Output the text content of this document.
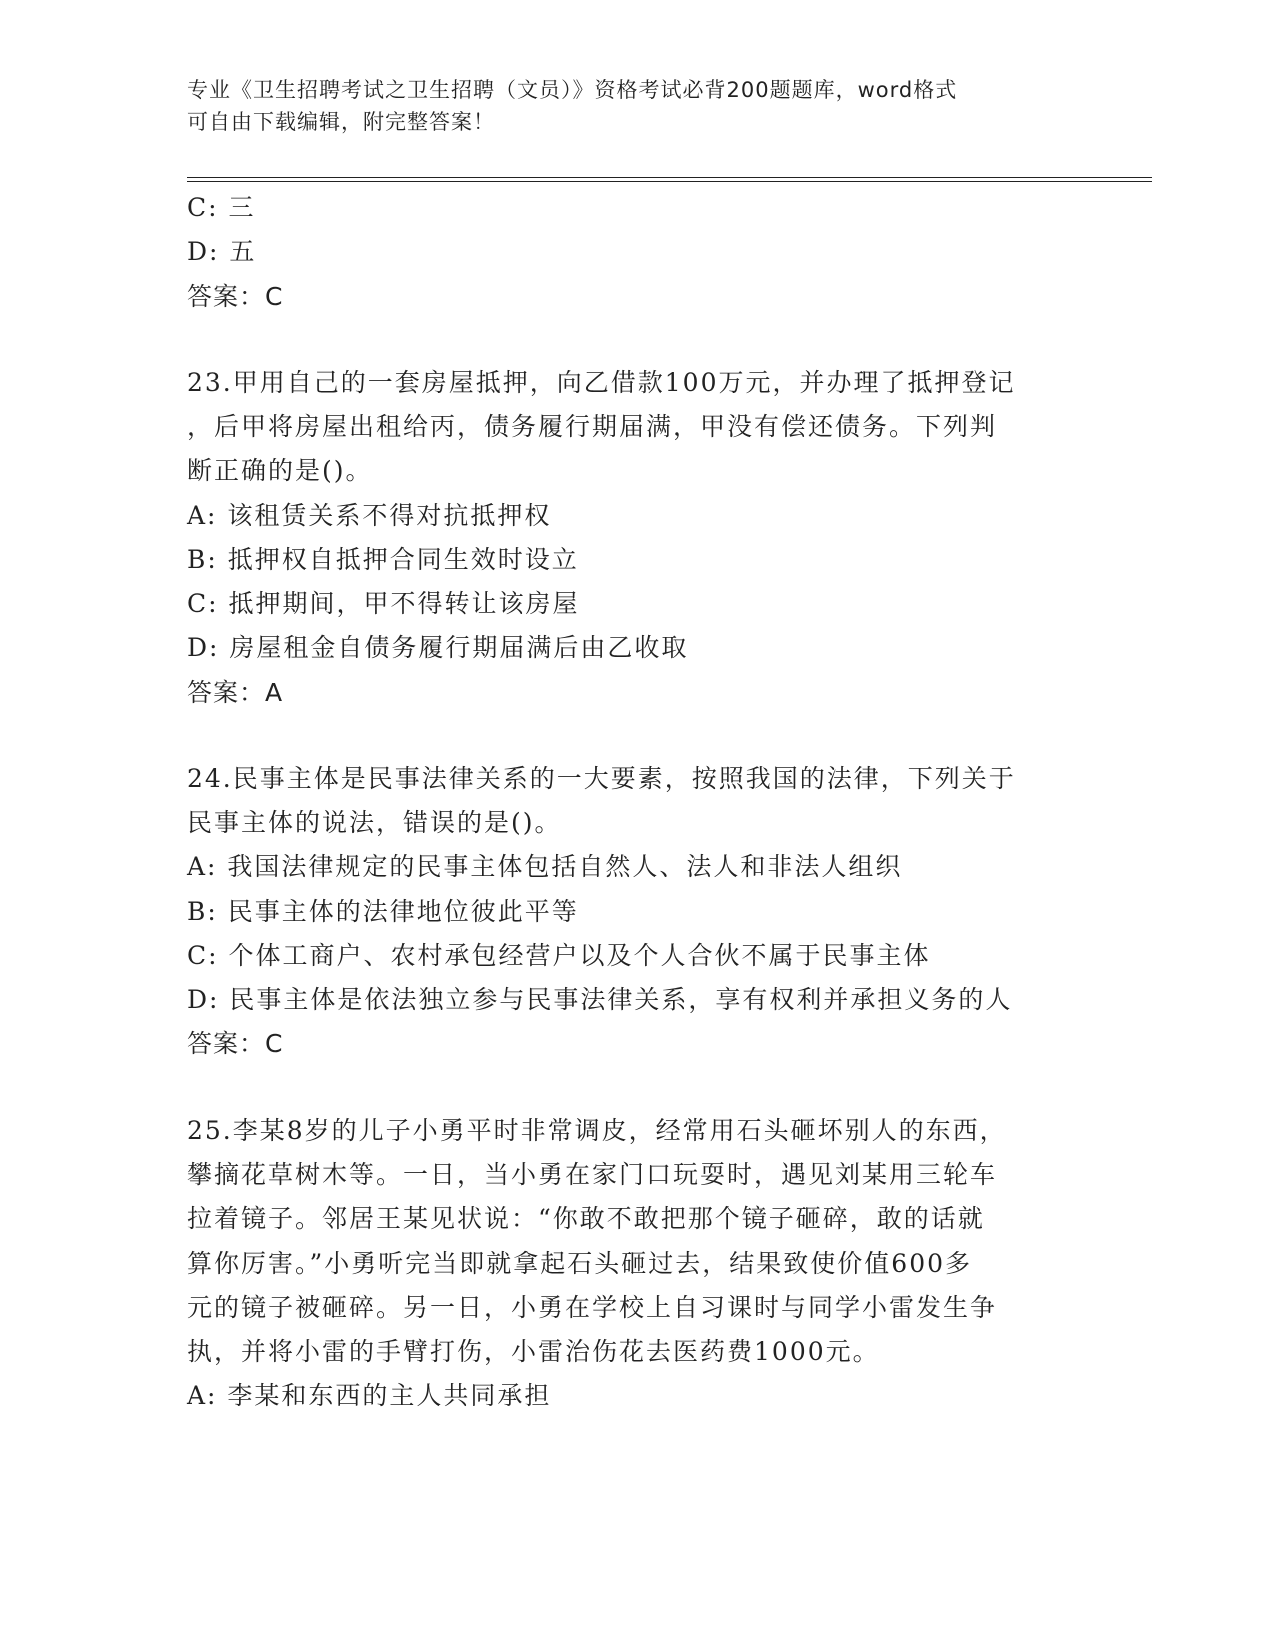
专业《卫生招聘考试之卫生招聘（文员）》资格考试必背200题题库，word格式
可自由下载编辑，附完整答案！
C: 三
D: 五
答案：C
23.甲用自己的一套房屋抵押，向乙借款100万元，并办理了抵押登记
，后甲将房屋出租给丙，债务履行期届满，甲没有偿还债务。下列判
断正确的是()。
A: 该租赁关系不得对抗抵押权
B: 抵押权自抵押合同生效时设立
C: 抵押期间，甲不得转让该房屋
D: 房屋租金自债务履行期届满后由乙收取
答案：A
24.民事主体是民事法律关系的一大要素，按照我国的法律，下列关于
民事主体的说法，错误的是()。
A: 我国法律规定的民事主体包括自然人、法人和非法人组织
B: 民事主体的法律地位彼此平等
C: 个体工商户、农村承包经营户以及个人合伙不属于民事主体
D: 民事主体是依法独立参与民事法律关系，享有权利并承担义务的人
答案：C
25.李某8岁的儿子小勇平时非常调皮，经常用石头砸坏别人的东西，
攀摘花草树木等。一日，当小勇在家门口玩耍时，遇见刘某用三轮车
拉着镜子。邻居王某见状说：“你敢不敢把那个镜子砸碎，敢的话就
算你厉害。”小勇听完当即就拿起石头砸过去，结果致使价值600多
元的镜子被砸碎。另一日，小勇在学校上自习课时与同学小雷发生争
执，并将小雷的手臂打伤，小雷治伤花去医药费1000元。
A: 李某和东西的主人共同承担
